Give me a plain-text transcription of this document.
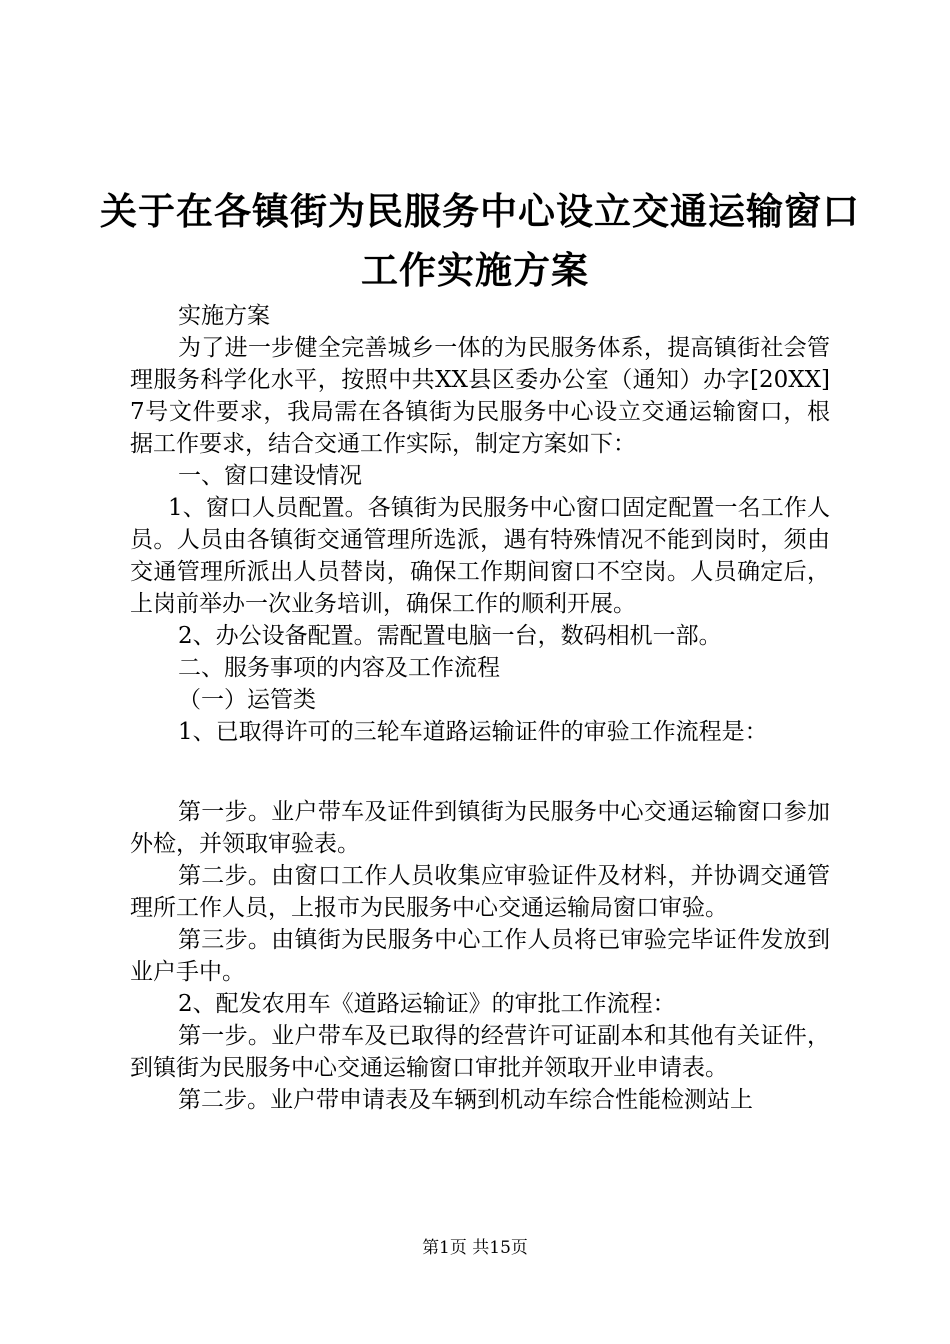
关于在各镇街为民服务中心设立交通运输窗口
工作实施方案

实施方案

为了进一步健全完善城乡一体的为民服务体系，提高镇街社会管理服务科学化水平，按照中共XX县区委办公室（通知）办字[20XX]7号文件要求，我局需在各镇街为民服务中心设立交通运输窗口，根据工作要求，结合交通工作实际，制定方案如下：

一、窗口建设情况

1、窗口人员配置。各镇街为民服务中心窗口固定配置一名工作人员。人员由各镇街交通管理所选派，遇有特殊情况不能到岗时，须由交通管理所派出人员替岗，确保工作期间窗口不空岗。人员确定后，上岗前举办一次业务培训，确保工作的顺利开展。

2、办公设备配置。需配置电脑一台，数码相机一部。

二、服务事项的内容及工作流程

（一）运管类

1、已取得许可的三轮车道路运输证件的审验工作流程是：

第一步。业户带车及证件到镇街为民服务中心交通运输窗口参加外检，并领取审验表。

第二步。由窗口工作人员收集应审验证件及材料，并协调交通管理所工作人员，上报市为民服务中心交通运输局窗口审验。

第三步。由镇街为民服务中心工作人员将已审验完毕证件发放到业户手中。

2、配发农用车《道路运输证》的审批工作流程：

第一步。业户带车及已取得的经营许可证副本和其他有关证件，到镇街为民服务中心交通运输窗口审批并领取开业申请表。

第二步。业户带申请表及车辆到机动车综合性能检测站上

第1页 共15页
